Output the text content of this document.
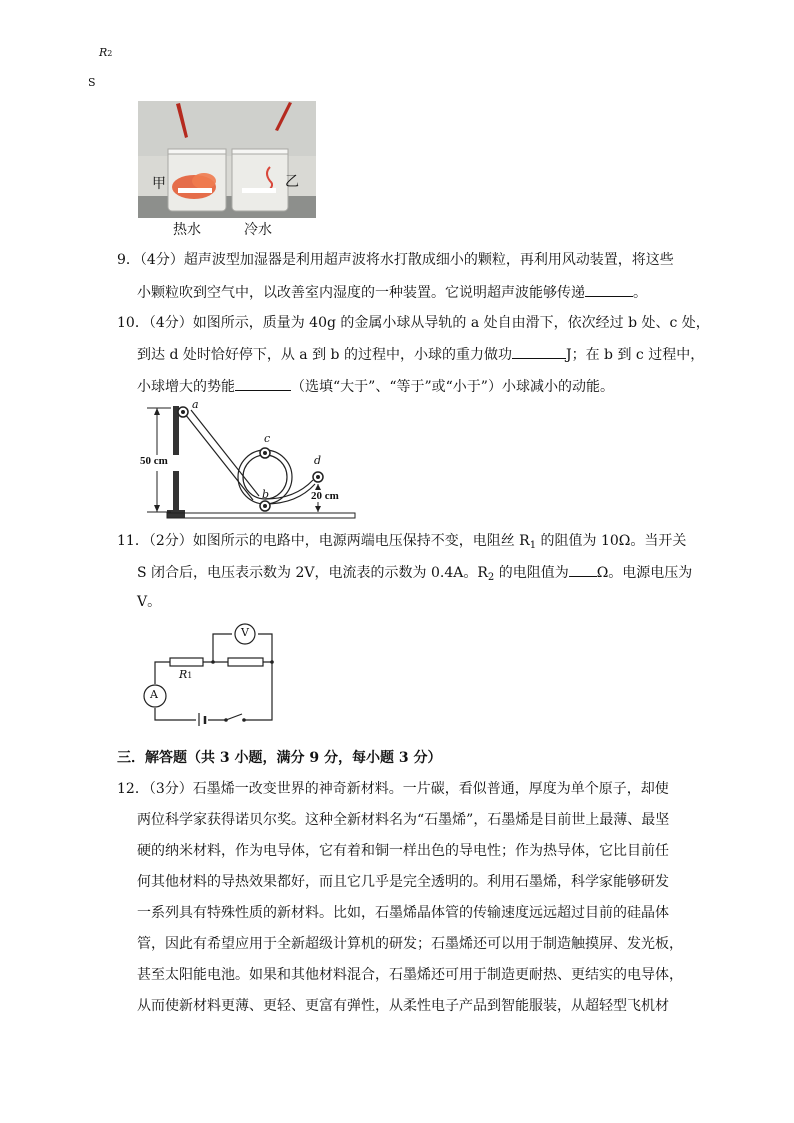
甲	乙
热水	冷水
9．（4分）超声波型加湿器是利用超声波将水打散成细小的颗粒，再利用风动装置，将这些
小颗粒吹到空气中，以改善室内湿度的一种装置。它说明超声波能够传递	。
10．（4分）如图所示，质量为 40g 的金属小球从导轨的 a 处自由滑下，依次经过 b 处、c 处，
到达 d 处时恰好停下，从 a 到 b 的过程中，小球的重力做功	J；在 b 到 c 过程中，
小球增大的势能	（选填“大于”、“等于”或“小于”）小球减小的动能。
a
c
b
d
50 cm
20 cm
11．（2分）如图所示的电路中，电源两端电压保持不变，电阻丝 $R_1$ 的阻值为 10Ω。当开关
S 闭合后，电压表示数为 2V，电流表的示数为 0.4A。$R_2$ 的电阻值为 Ω。电源电压为
V。
V
A
R1
R2
S
三．解答题（共 3 小题，满分 9 分，每小题 3 分）
12．（3分）石墨烯一改变世界的神奇新材料。一片碳，看似普通，厚度为单个原子，却使
两位科学家获得诺贝尔奖。这种全新材料名为“石墨烯”，石墨烯是目前世上最薄、最坚
硬的纳米材料，作为电导体，它有着和铜一样出色的导电性；作为热导体，它比目前任
何其他材料的导热效果都好，而且它几乎是完全透明的。利用石墨烯，科学家能够研发
一系列具有特殊性质的新材料。比如，石墨烯晶体管的传输速度远远超过目前的硅晶体
管，因此有希望应用于全新超级计算机的研发；石墨烯还可以用于制造触摸屏、发光板，
甚至太阳能电池。如果和其他材料混合，石墨烯还可用于制造更耐热、更结实的电导体，
从而使新材料更薄、更轻、更富有弹性，从柔性电子产品到智能服装，从超轻型飞机材
